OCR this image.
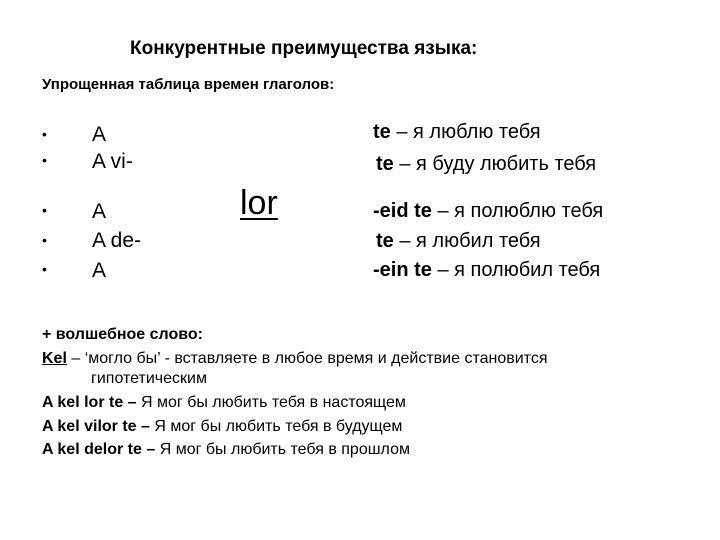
Конкурентные преимущества языка:
Упрощенная таблица времен глаголов:
•
•
•
•
•
A
A vi-
A
A de-
A
lor
te – я люблю тебя
te – я буду любить тебя
-eid te – я полюблю тебя
te – я любил тебя
-ein te – я полюбил тебя
+ волшебное слово:
Kel – ‘могло бы’ - вставляете в любое время и действие становится
гипотетическим
A kel lor te – Я мог бы любить тебя в настоящем
A kel vilor te – Я мог бы любить тебя в будущем
A kel delor te – Я мог бы любить тебя в прошлом
